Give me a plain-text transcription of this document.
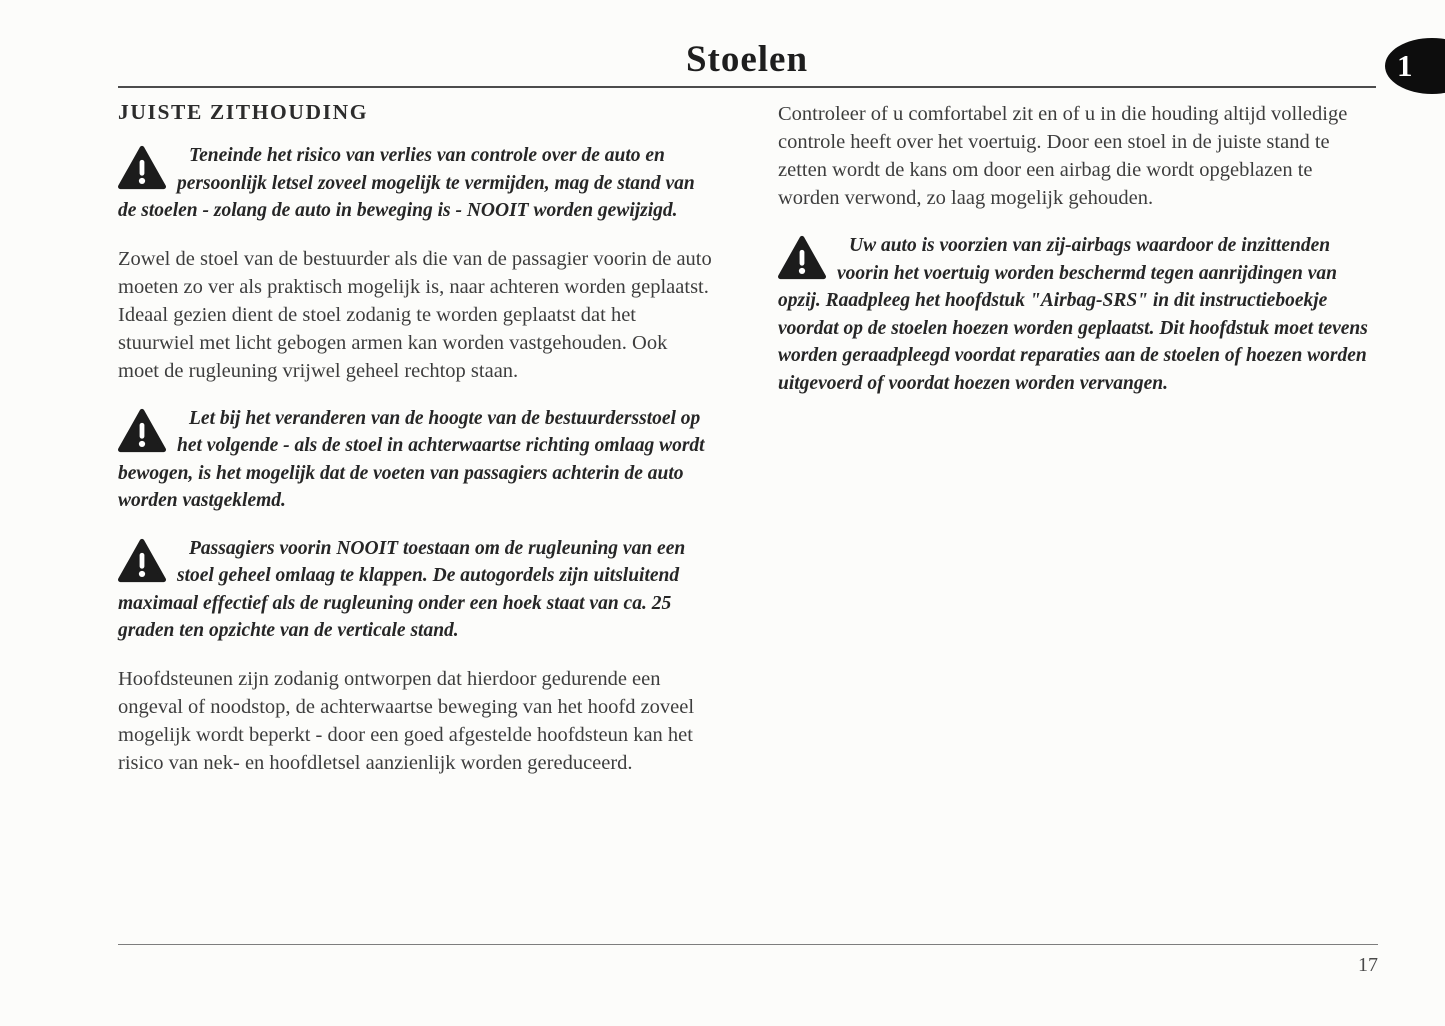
Stoelen	1
JUISTE ZITHOUDING

Teneinde het risico van verlies van controle over de auto en persoonlijk letsel zoveel mogelijk te vermijden, mag de stand van de stoelen - zolang de auto in beweging is - NOOIT worden gewijzigd.

Zowel de stoel van de bestuurder als die van de passagier voorin de auto moeten zo ver als praktisch mogelijk is, naar achteren worden geplaatst. Ideaal gezien dient de stoel zodanig te worden geplaatst dat het stuurwiel met licht gebogen armen kan worden vastgehouden. Ook moet de rugleuning vrijwel geheel rechtop staan.

Let bij het veranderen van de hoogte van de bestuurdersstoel op het volgende - als de stoel in achterwaartse richting omlaag wordt bewogen, is het mogelijk dat de voeten van passagiers achterin de auto worden vastgeklemd.

Passagiers voorin NOOIT toestaan om de rugleuning van een stoel geheel omlaag te klappen. De autogordels zijn uitsluitend maximaal effectief als de rugleuning onder een hoek staat van ca. 25 graden ten opzichte van de verticale stand.

Hoofdsteunen zijn zodanig ontworpen dat hierdoor gedurende een ongeval of noodstop, de achterwaartse beweging van het hoofd zoveel mogelijk wordt beperkt - door een goed afgestelde hoofdsteun kan het risico van nek- en hoofdletsel aanzienlijk worden gereduceerd.

Controleer of u comfortabel zit en of u in die houding altijd volledige controle heeft over het voertuig. Door een stoel in de juiste stand te zetten wordt de kans om door een airbag die wordt opgeblazen te worden verwond, zo laag mogelijk gehouden.

Uw auto is voorzien van zij-airbags waardoor de inzittenden voorin het voertuig worden beschermd tegen aanrijdingen van opzij. Raadpleeg het hoofdstuk "Airbag-SRS" in dit instructieboekje voordat op de stoelen hoezen worden geplaatst. Dit hoofdstuk moet tevens worden geraadpleegd voordat reparaties aan de stoelen of hoezen worden uitgevoerd of voordat hoezen worden vervangen.

17
